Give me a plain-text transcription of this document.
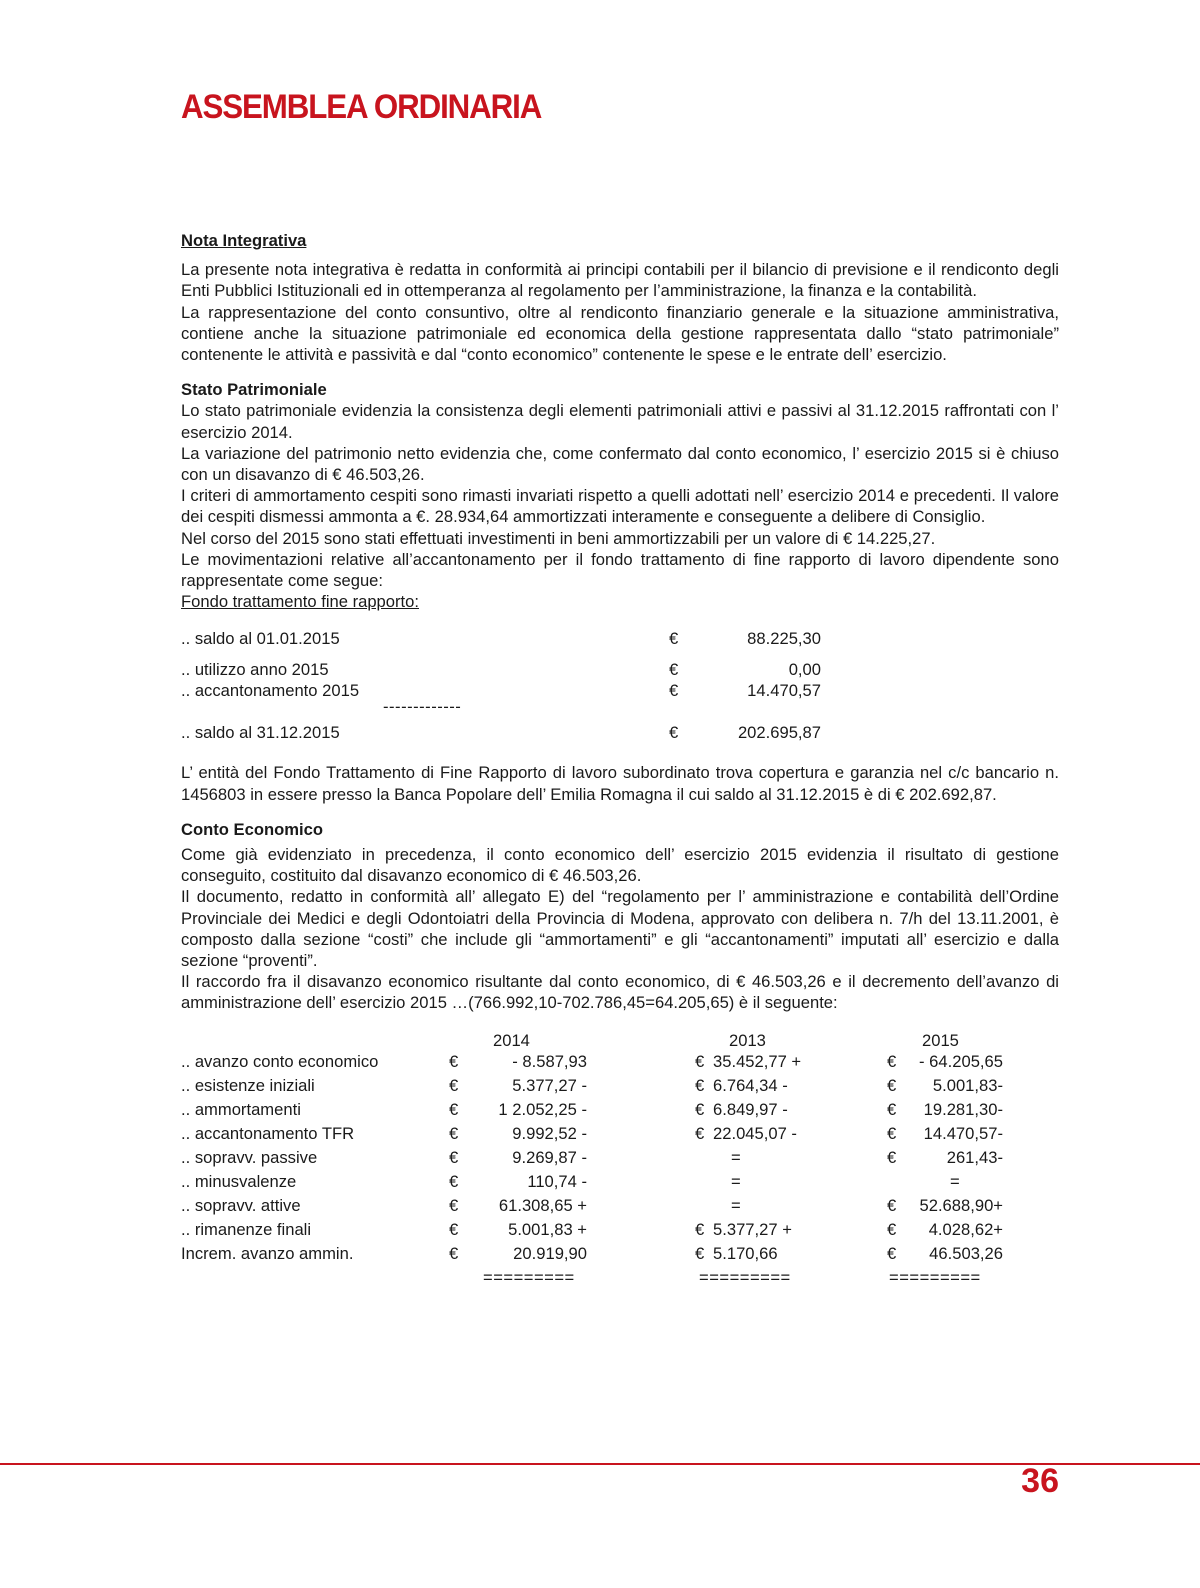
ASSEMBLEA ORDINARIA

Nota Integrativa

La presente nota integrativa è redatta in conformità ai principi contabili per il bilancio di previsione e il rendiconto degli Enti Pubblici Istituzionali ed in ottemperanza al regolamento per l’amministrazione, la finanza e la contabilità.

La rappresentazione del conto consuntivo, oltre al rendiconto finanziario generale e la situazione amministrativa, contiene anche la situazione patrimoniale ed economica della gestione rappresentata dallo “stato patrimoniale” contenente le attività e passività e dal “conto economico” contenente le spese e le entrate dell’ esercizio.

Stato Patrimoniale

Lo stato patrimoniale evidenzia la consistenza degli elementi patrimoniali attivi e passivi al 31.12.2015 raffrontati con l’ esercizio 2014.

La variazione del patrimonio netto evidenzia che, come confermato dal conto economico, l’ esercizio 2015 si è chiuso con un disavanzo di € 46.503,26.

I criteri di ammortamento cespiti sono rimasti invariati rispetto a quelli adottati nell’ esercizio 2014 e precedenti. Il valore dei cespiti dismessi ammonta a €. 28.934,64 ammortizzati interamente e conseguente a delibere di Consiglio.

Nel corso del 2015 sono stati effettuati investimenti in beni ammortizzabili per un valore di € 14.225,27.

Le movimentazioni relative all’accantonamento per il fondo trattamento di fine rapporto di lavoro dipendente sono rappresentate come segue:

Fondo trattamento fine rapporto:

.. saldo al 01.01.2015	€	88.225,30
.. utilizzo anno 2015	€	0,00
.. accantonamento 2015	€	14.470,57
-------------
.. saldo al 31.12.2015	€	202.695,87

L’ entità del Fondo Trattamento di Fine Rapporto di lavoro subordinato trova copertura e garanzia nel c/c bancario n. 1456803 in essere presso la Banca Popolare dell’ Emilia Romagna il cui saldo al 31.12.2015 è di € 202.692,87.

Conto Economico

Come già evidenziato in precedenza, il conto economico dell’ esercizio 2015 evidenzia il risultato di gestione conseguito, costituito dal disavanzo economico di € 46.503,26.

Il documento, redatto in conformità all’ allegato E) del “regolamento per l’ amministrazione e contabilità dell’Ordine Provinciale dei Medici e degli Odontoiatri della Provincia di Modena, approvato con delibera n. 7/h del 13.11.2001, è composto dalla sezione “costi” che include gli “ammortamenti” e gli “accantonamenti” imputati all’ esercizio e dalla sezione “proventi”.

Il raccordo fra il disavanzo economico risultante dal conto economico, di € 46.503,26 e il decremento dell’avanzo di amministrazione dell’ esercizio 2015 …(766.992,10-702.786,45=64.205,65) è il seguente:

2014	2013	2015
.. avanzo conto economico	€	- 8.587,93	€ 35.452,77 +	€	- 64.205,65
.. esistenze iniziali	€	5.377,27 -	€ 6.764,34 -	€	5.001,83-
.. ammortamenti	€	1 2.052,25 -	€ 6.849,97 -	€	19.281,30-
.. accantonamento TFR	€	9.992,52 -	€ 22.045,07 -	€	14.470,57-
.. sopravv. passive	€	9.269,87 -	=	€	261,43-
.. minusvalenze	€	110,74 -	=	=
.. sopravv. attive	€	61.308,65 +	=	€	52.688,90+
.. rimanenze finali	€	5.001,83 +	€ 5.377,27 +	€	4.028,62+
Increm. avanzo ammin.	€	20.919,90	€ 5.170,66	€	46.503,26
=========	=========	=========
36
